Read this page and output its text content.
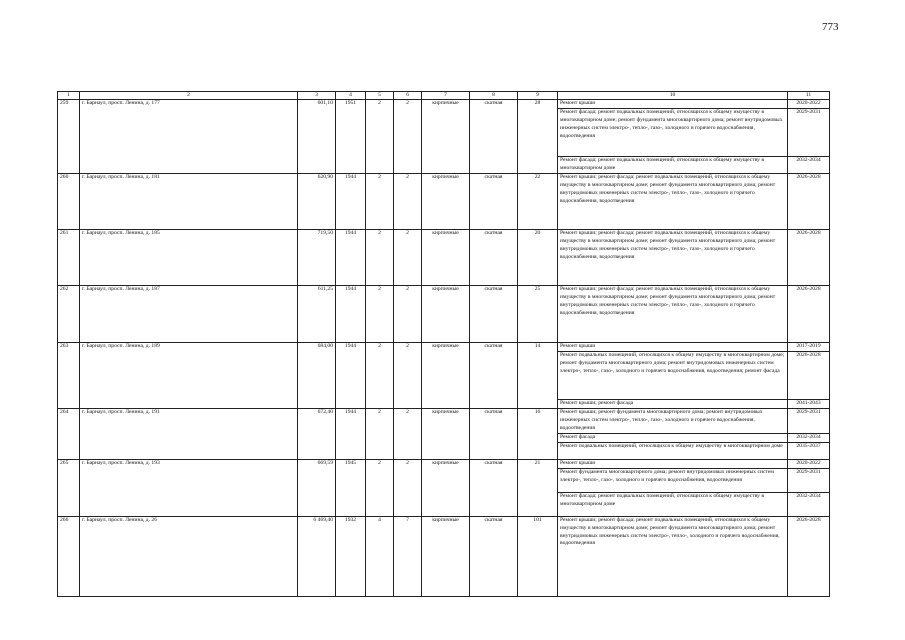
773
1	2	3	4	5	6	7	8	9	10	11
259	г. Барнаул, просп. Ленина, д. 177	601,10	1951	2	2	кирпичные	скатная	28	Ремонт крыши	2020-2022
									Ремонт фасада; ремонт подвальных помещений, относящихся к общему имуществу в многоквартирном доме; ремонт фундамента многоквартирного дома; ремонт внутридомовых инженерных систем электро-, тепло-, газо-, холодного и горячего водоснабжения, водоотведения	2029-2031
									Ремонт фасада; ремонт подвальных помещений, относящихся к общему имуществу в многоквартирном доме	2032-2034
260	г. Барнаул, просп. Ленина, д. 181	620,90	1944	2	2	кирпичные	скатная	22	Ремонт крыши; ремонт фасада; ремонт подвальных помещений, относящихся к общему имуществу в многоквартирном доме; ремонт фундамента многоквартирного дома; ремонт внутридомовых инженерных систем электро-, тепло-, газо-, холодного и горячего водоснабжения, водоотведения	2026-2028
261	г. Барнаул, просп. Ленина, д. 185	719,50	1944	2	2	кирпичные	скатная	20	Ремонт крыши; ремонт фасада; ремонт подвальных помещений, относящихся к общему имуществу в многоквартирном доме; ремонт фундамента многоквартирного дома; ремонт внутридомовых инженерных систем электро-, тепло-, газо-, холодного и горячего водоснабжения, водоотведения	2026-2028
262	г. Барнаул, просп. Ленина, д. 187	611,25	1944	2	2	кирпичные	скатная	25	Ремонт крыши; ремонт фасада; ремонт подвальных помещений, относящихся к общему имуществу в многоквартирном доме; ремонт фундамента многоквартирного дома; ремонт внутридомовых инженерных систем электро-, тепло-, газо-, холодного и горячего водоснабжения, водоотведения	2026-2028
263	г. Барнаул, просп. Ленина, д. 189	684,00	1944	2	2	кирпичные	скатная	14	Ремонт крыши	2017-2019
									Ремонт подвальных помещений, относящихся к общему имуществу в многоквартирном доме; ремонт фундамента многоквартирного дома; ремонт внутридомовых инженерных систем электро-, тепло-, газо-, холодного и горячего водоснабжения, водоотведения; ремонт фасада	2026-2028
									Ремонт крыши; ремонт фасада	2041-2043
264	г. Барнаул, просп. Ленина, д. 191	672,40	1944	2	2	кирпичные	скатная	16	Ремонт крыши; ремонт фундамента многоквартирного дома; ремонт внутридомовых инженерных систем электро-, тепло-, газо-, холодного и горячего водоснабжения, водоотведения	2029-2031
									Ремонт фасада	2032-2034
									Ремонт подвальных помещений, относящихся к общему имуществу в многоквартирном доме	2035-2037
265	г. Барнаул, просп. Ленина, д. 193	669,59	1945	2	2	кирпичные	скатная	21	Ремонт крыши	2020-2022
									Ремонт фундамента многоквартирного дома; ремонт внутридомовых инженерных систем электро-, тепло-, газо-, холодного и горячего водоснабжения, водоотведения	2029-2031
									Ремонт фасада; ремонт подвальных помещений, относящихся к общему имуществу в многоквартирном доме	2032-2034
266	г. Барнаул, просп. Ленина, д. 26	6 469,40	1932	4	7	кирпичные	скатная	101	Ремонт крыши; ремонт фасада; ремонт подвальных помещений, относящихся к общему имуществу в многоквартирном доме; ремонт фундамента многоквартирного дома; ремонт внутридомовых инженерных систем электро-, тепло-, холодного и горячего водоснабжения, водоотведения	2026-2028
